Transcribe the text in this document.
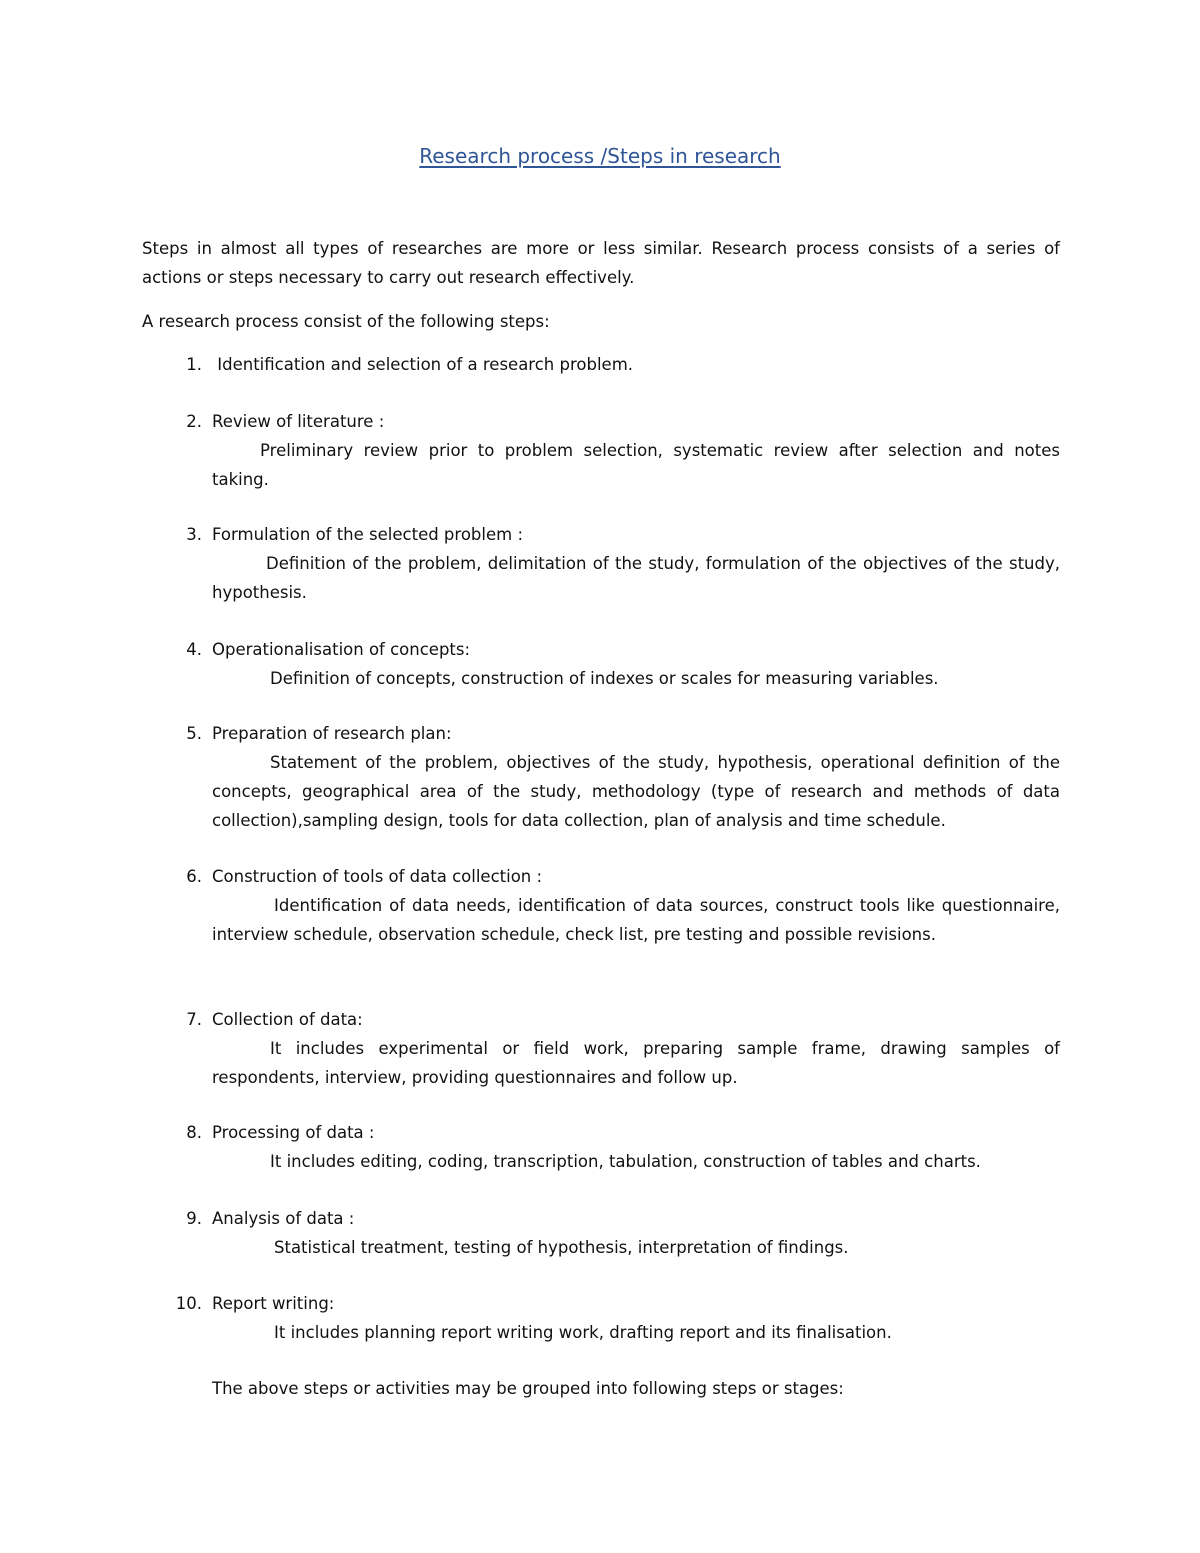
Research process /Steps in research
Steps in almost all types of researches are more or less similar. Research process consists of a series of actions or steps necessary to carry out research effectively.
A research process consist of the following steps:
1. Identification and selection of a research problem.
2. Review of literature :
Preliminary review prior to problem selection, systematic review after selection and notes taking.
3. Formulation of the selected problem :
Definition of the problem, delimitation of the study, formulation of the objectives of the study, hypothesis.
4. Operationalisation of concepts:
Definition of concepts, construction of indexes or scales for measuring variables.
5. Preparation of research plan:
Statement of the problem, objectives of the study, hypothesis, operational definition of the concepts, geographical area of the study, methodology (type of research and methods of data collection),sampling design, tools for data collection, plan of analysis and time schedule.
6. Construction of tools of data collection :
Identification of data needs, identification of data sources, construct tools like questionnaire, interview schedule, observation schedule, check list, pre testing and possible revisions.
7. Collection of data:
It includes experimental or field work, preparing sample frame, drawing samples of respondents, interview, providing questionnaires and follow up.
8. Processing of data :
It includes editing, coding, transcription, tabulation, construction of tables and charts.
9. Analysis of data :
Statistical treatment, testing of hypothesis, interpretation of findings.
10. Report writing:
It includes planning report writing work, drafting report and its finalisation.
The above steps or activities may be grouped into following steps or stages:
